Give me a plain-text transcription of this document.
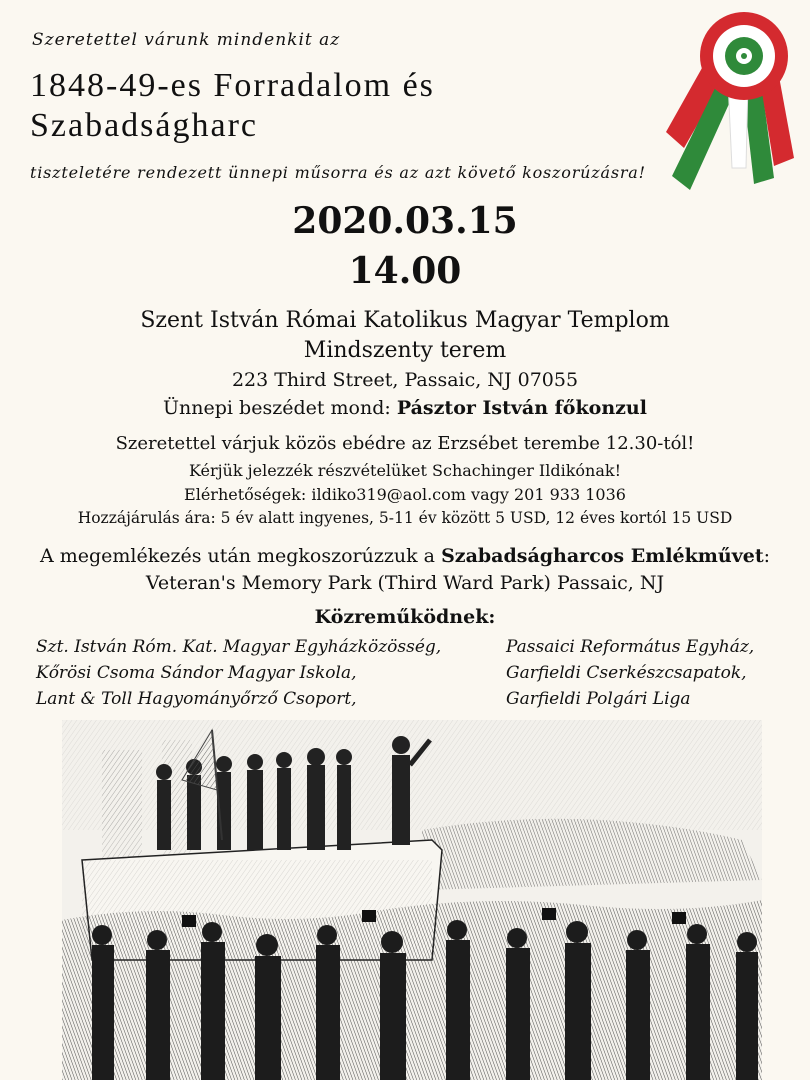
Szeretettel várunk mindenkit az
1848-49-es Forradalom és
Szabadságharc
tiszteletére rendezett ünnepi műsorra és az azt követő koszorúzásra!
2020.03.15
14.00
Szent István Római Katolikus Magyar Templom
Mindszenty terem
223 Third Street, Passaic, NJ 07055
Ünnepi beszédet mond: Pásztor István főkonzul
Szeretettel várjuk közös ebédre az Erzsébet terembe 12.30-tól!
Kérjük jelezzék részvételüket Schachinger Ildikónak!
Elérhetőségek: ildiko319@aol.com vagy 201 933 1036
Hozzájárulás ára: 5 év alatt ingyenes, 5-11 év között 5 USD, 12 éves kortól 15 USD
A megemlékezés után megkoszorúzzuk a Szabadságharcos Emlékművet:
Veteran's Memory Park (Third Ward Park) Passaic, NJ
Közreműködnek:
Szt. István Róm. Kat. Magyar Egyházközösség,
Kőrösi Csoma Sándor Magyar Iskola,
Lant & Toll Hagyományőrző Csoport,
Passaici Református Egyház,
Garfieldi Cserkészcsapatok,
Garfieldi Polgári Liga
